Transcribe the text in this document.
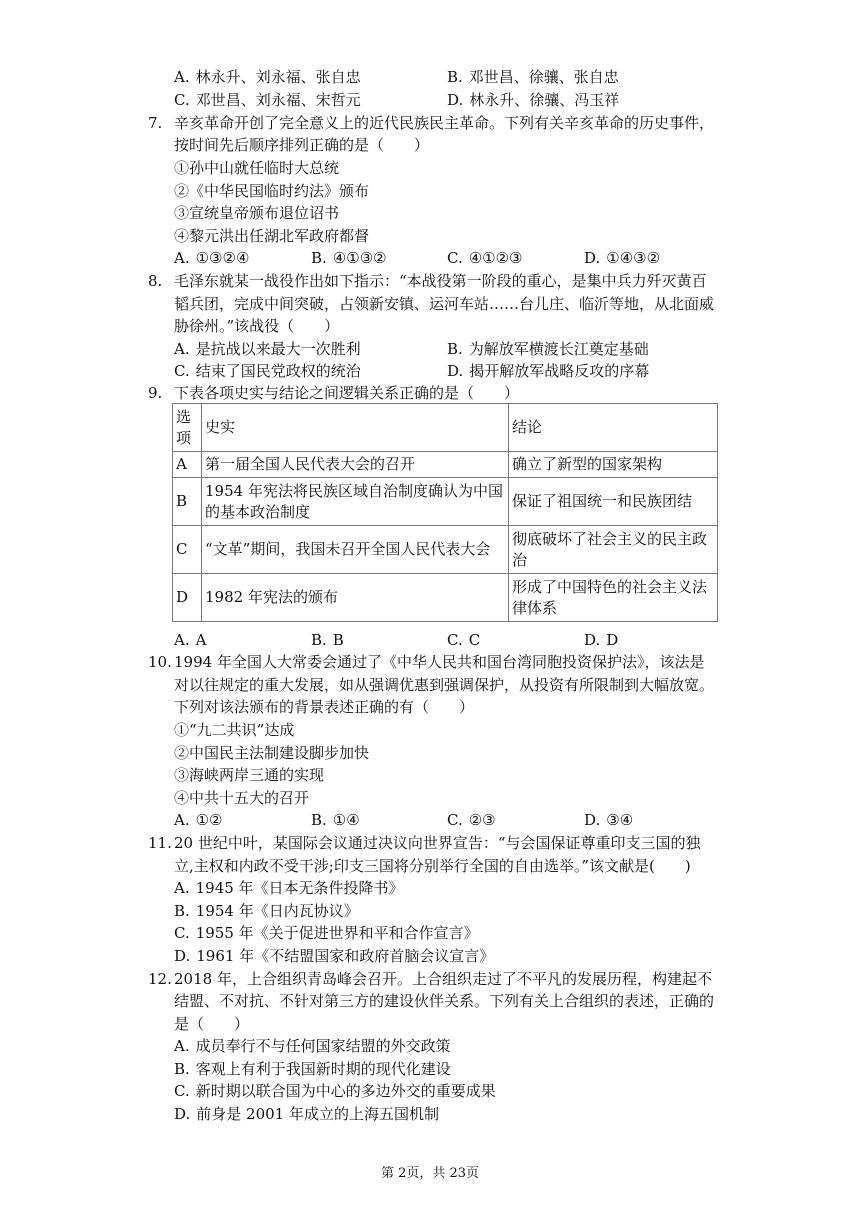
A. 林永升、刘永福、张自忠	B. 邓世昌、徐骧、张自忠
C. 邓世昌、刘永福、宋哲元	D. 林永升、徐骧、冯玉祥
7. 辛亥革命开创了完全意义上的近代民族民主革命。下列有关辛亥革命的历史事件，
按时间先后顺序排列正确的是（　　）
①孙中山就任临时大总统
②《中华民国临时约法》颁布
③宣统皇帝颁布退位诏书
④黎元洪出任湖北军政府都督
A. ①③②④	B. ④①③②	C. ④①②③	D. ①④③②
8. 毛泽东就某一战役作出如下指示：“本战役第一阶段的重心，是集中兵力歼灭黄百
韬兵团，完成中间突破，占领新安镇、运河车站……台儿庄、临沂等地，从北面威
胁徐州。”该战役（　　）
A. 是抗战以来最大一次胜利	B. 为解放军横渡长江奠定基础
C. 结束了国民党政权的统治	D. 揭开解放军战略反攻的序幕
9. 下表各项史实与结论之间逻辑关系正确的是（　　）
选项	史实	结论
A	第一届全国人民代表大会的召开	确立了新型的国家架构
B	1954 年宪法将民族区域自治制度确认为中国的基本政治制度	保证了祖国统一和民族团结
C	“文革”期间，我国未召开全国人民代表大会	彻底破坏了社会主义的民主政治
D	1982 年宪法的颁布	形成了中国特色的社会主义法律体系
A. A	B. B	C. C	D. D
10. 1994 年全国人大常委会通过了《中华人民共和国台湾同胞投资保护法》，该法是
对以往规定的重大发展，如从强调优惠到强调保护，从投资有所限制到大幅放宽。
下列对该法颁布的背景表述正确的有（　　）
①“九二共识”达成
②中国民主法制建设脚步加快
③海峡两岸三通的实现
④中共十五大的召开
A. ①②	B. ①④	C. ②③	D. ③④
11. 20 世纪中叶，某国际会议通过决议向世界宣告：“与会国保证尊重印支三国的独
立,主权和内政不受干涉;印支三国将分别举行全国的自由选举。”该文献是(　　)
A. 1945 年《日本无条件投降书》
B. 1954 年《日内瓦协议》
C. 1955 年《关于促进世界和平和合作宣言》
D. 1961 年《不结盟国家和政府首脑会议宣言》
12. 2018 年，上合组织青岛峰会召开。上合组织走过了不平凡的发展历程，构建起不
结盟、不对抗、不针对第三方的建设伙伴关系。下列有关上合组织的表述，正确的
是（　　）
A. 成员奉行不与任何国家结盟的外交政策
B. 客观上有利于我国新时期的现代化建设
C. 新时期以联合国为中心的多边外交的重要成果
D. 前身是 2001 年成立的上海五国机制
第 2页，共 23页
